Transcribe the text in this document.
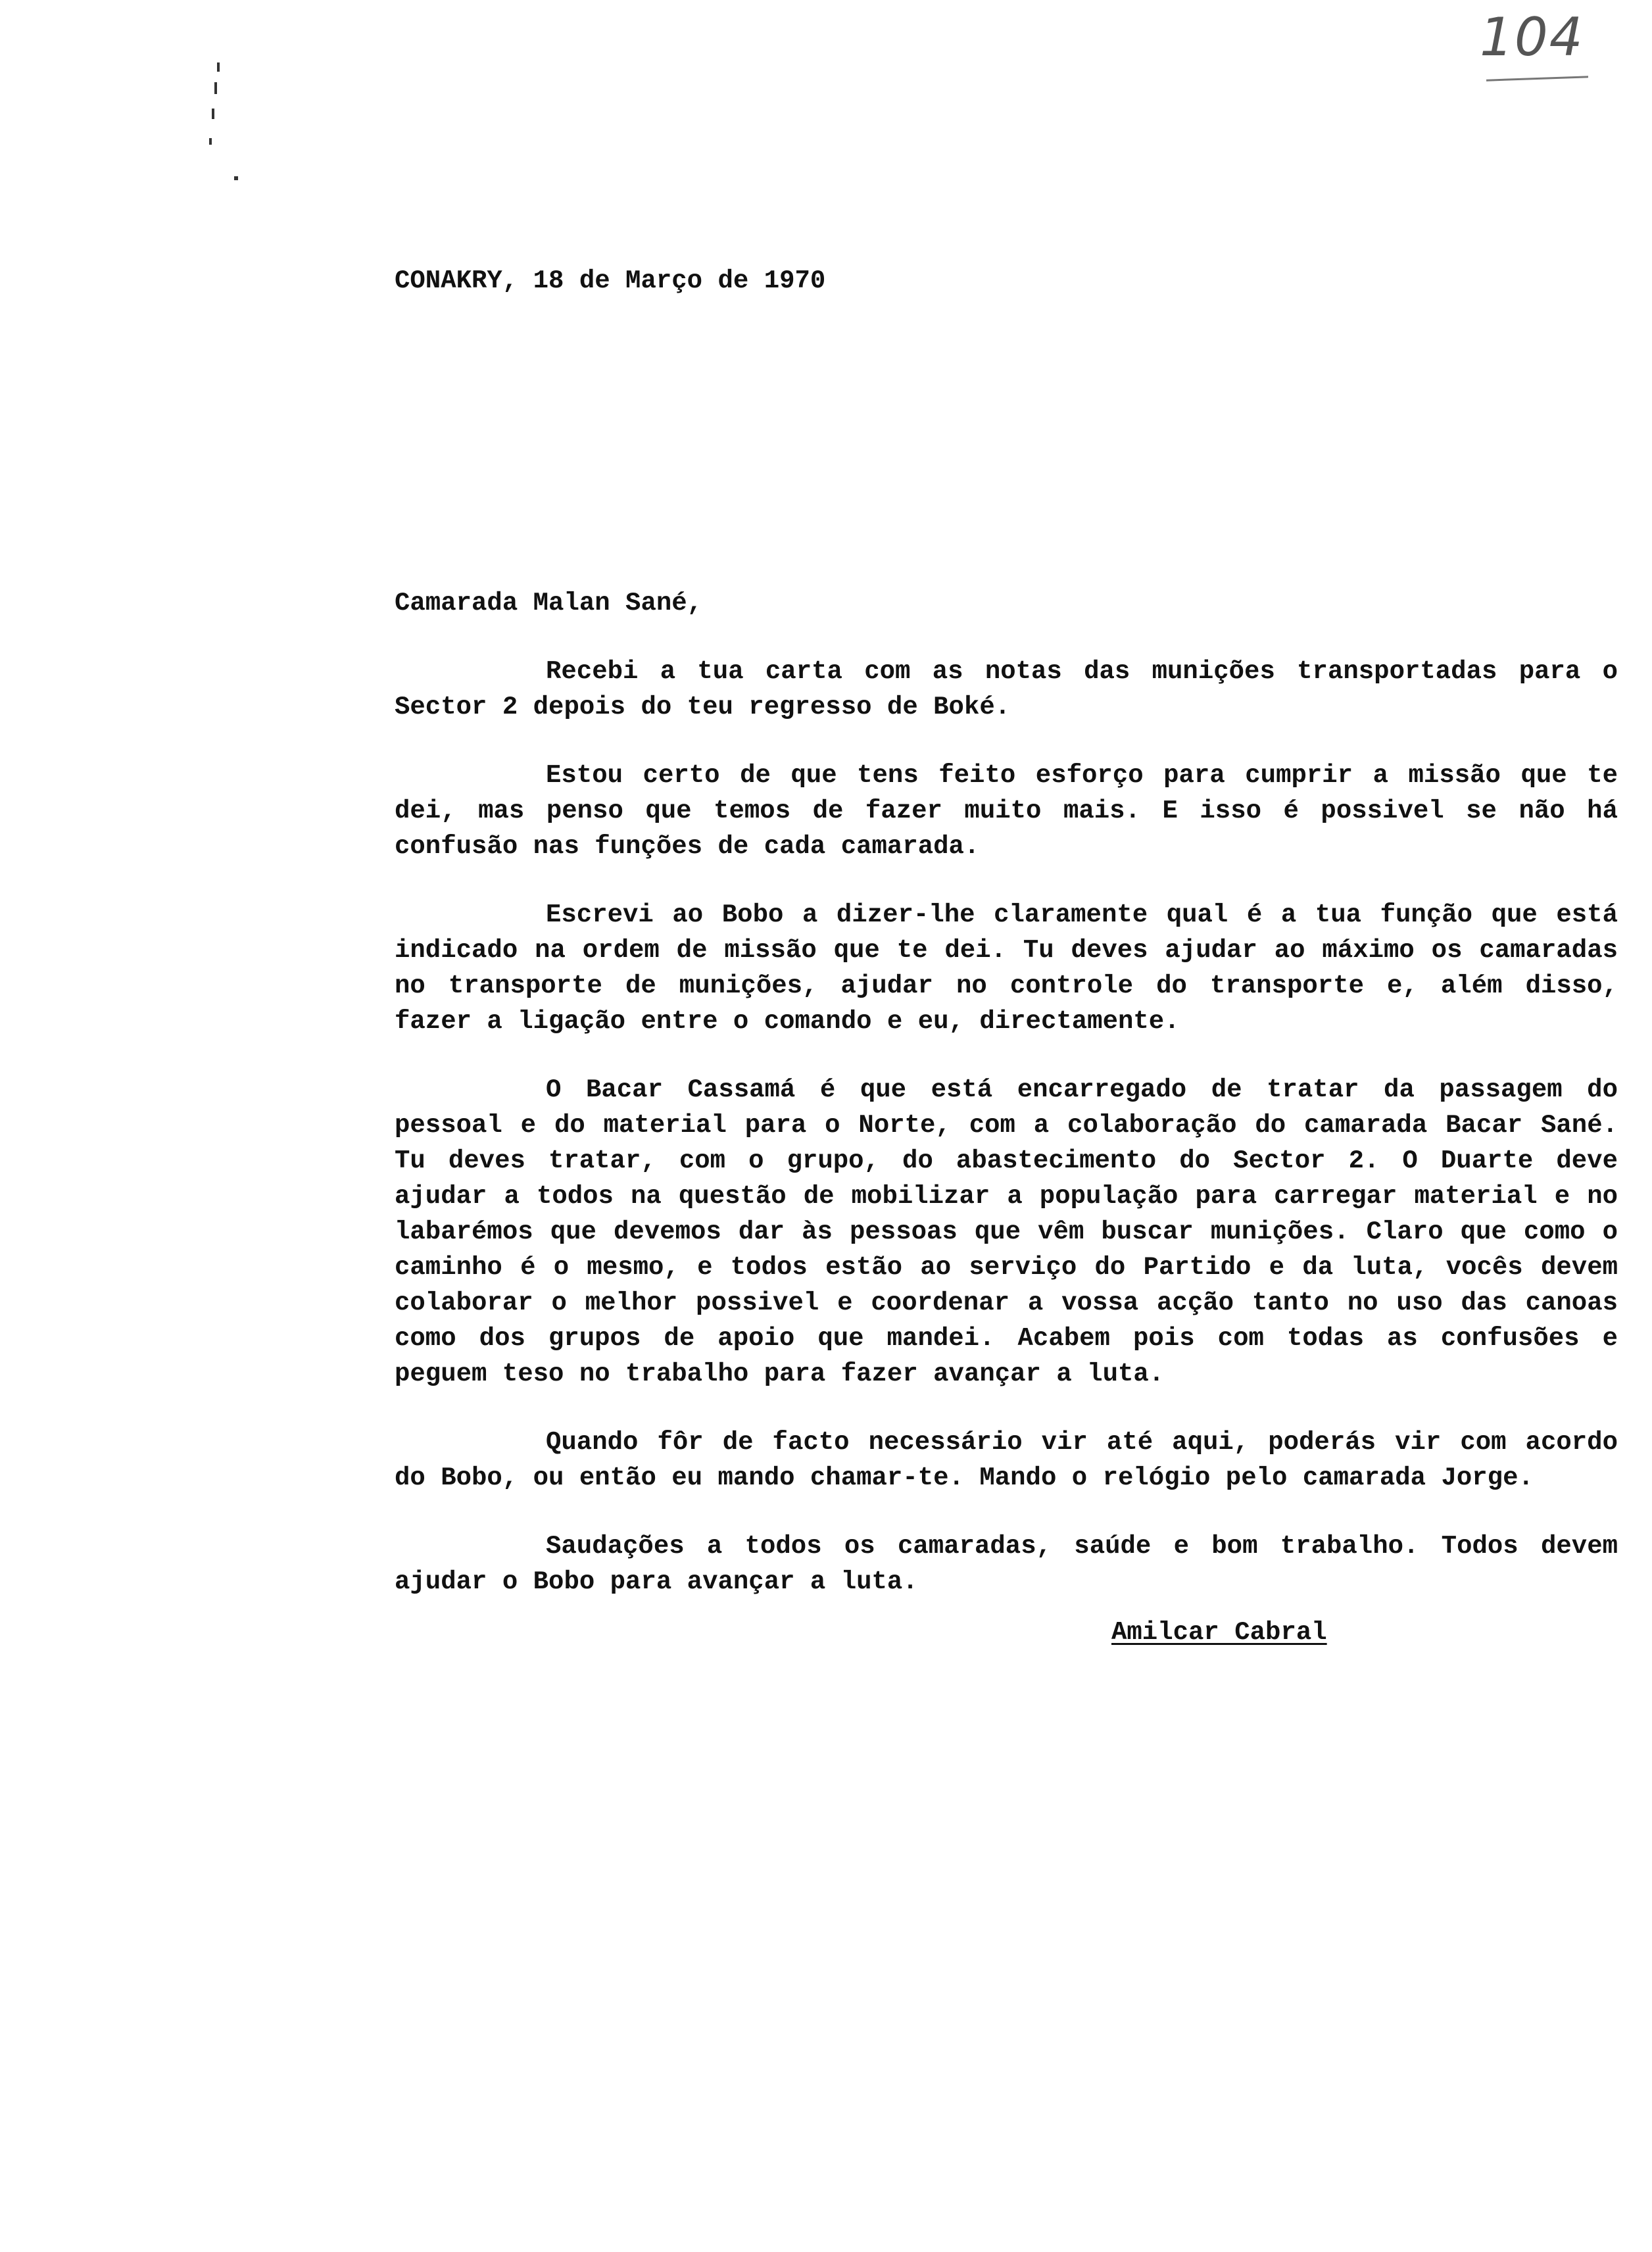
104

CONAKRY, 18 de Março de 1970

Camarada Malan Sané,

Recebi a tua carta com as notas das munições transportadas para o Sector 2 depois do teu regresso de Boké.

Estou certo de que tens feito esforço para cumprir a missão que te dei, mas penso que temos de fazer muito mais. E isso é possivel se não há confusão nas funções de cada camarada.

Escrevi ao Bobo a dizer-lhe claramente qual é a tua função que está indicado na ordem de missão que te dei. Tu deves ajudar ao máximo os camaradas no transporte de munições, ajudar no controle do transporte e, além disso, fazer a ligação entre o comando e eu, directamente.

O Bacar Cassamá é que está encarregado de tratar da passagem do pessoal e do material para o Norte, com a colaboração do camarada Bacar Sané. Tu deves tratar, com o grupo, do abastecimento do Sector 2. O Duarte deve ajudar a todos na questão de mobilizar a população para carregar material e no labarémos que devemos dar às pessoas que vêm buscar munições. Claro que como o caminho é o mesmo, e todos estão ao serviço do Partido e da luta, vocês devem colaborar o melhor possivel e coordenar a vossa acção tanto no uso das canoas como dos grupos de apoio que mandei. Acabem pois com todas as confusões e peguem teso no trabalho para fazer avançar a luta.

Quando fôr de facto necessário vir até aqui, poderás vir com acordo do Bobo, ou então eu mando chamar-te. Mando o relógio pelo camarada Jorge.

Saudações a todos os camaradas, saúde e bom trabalho. Todos devem ajudar o Bobo para avançar a luta.

Amilcar Cabral
